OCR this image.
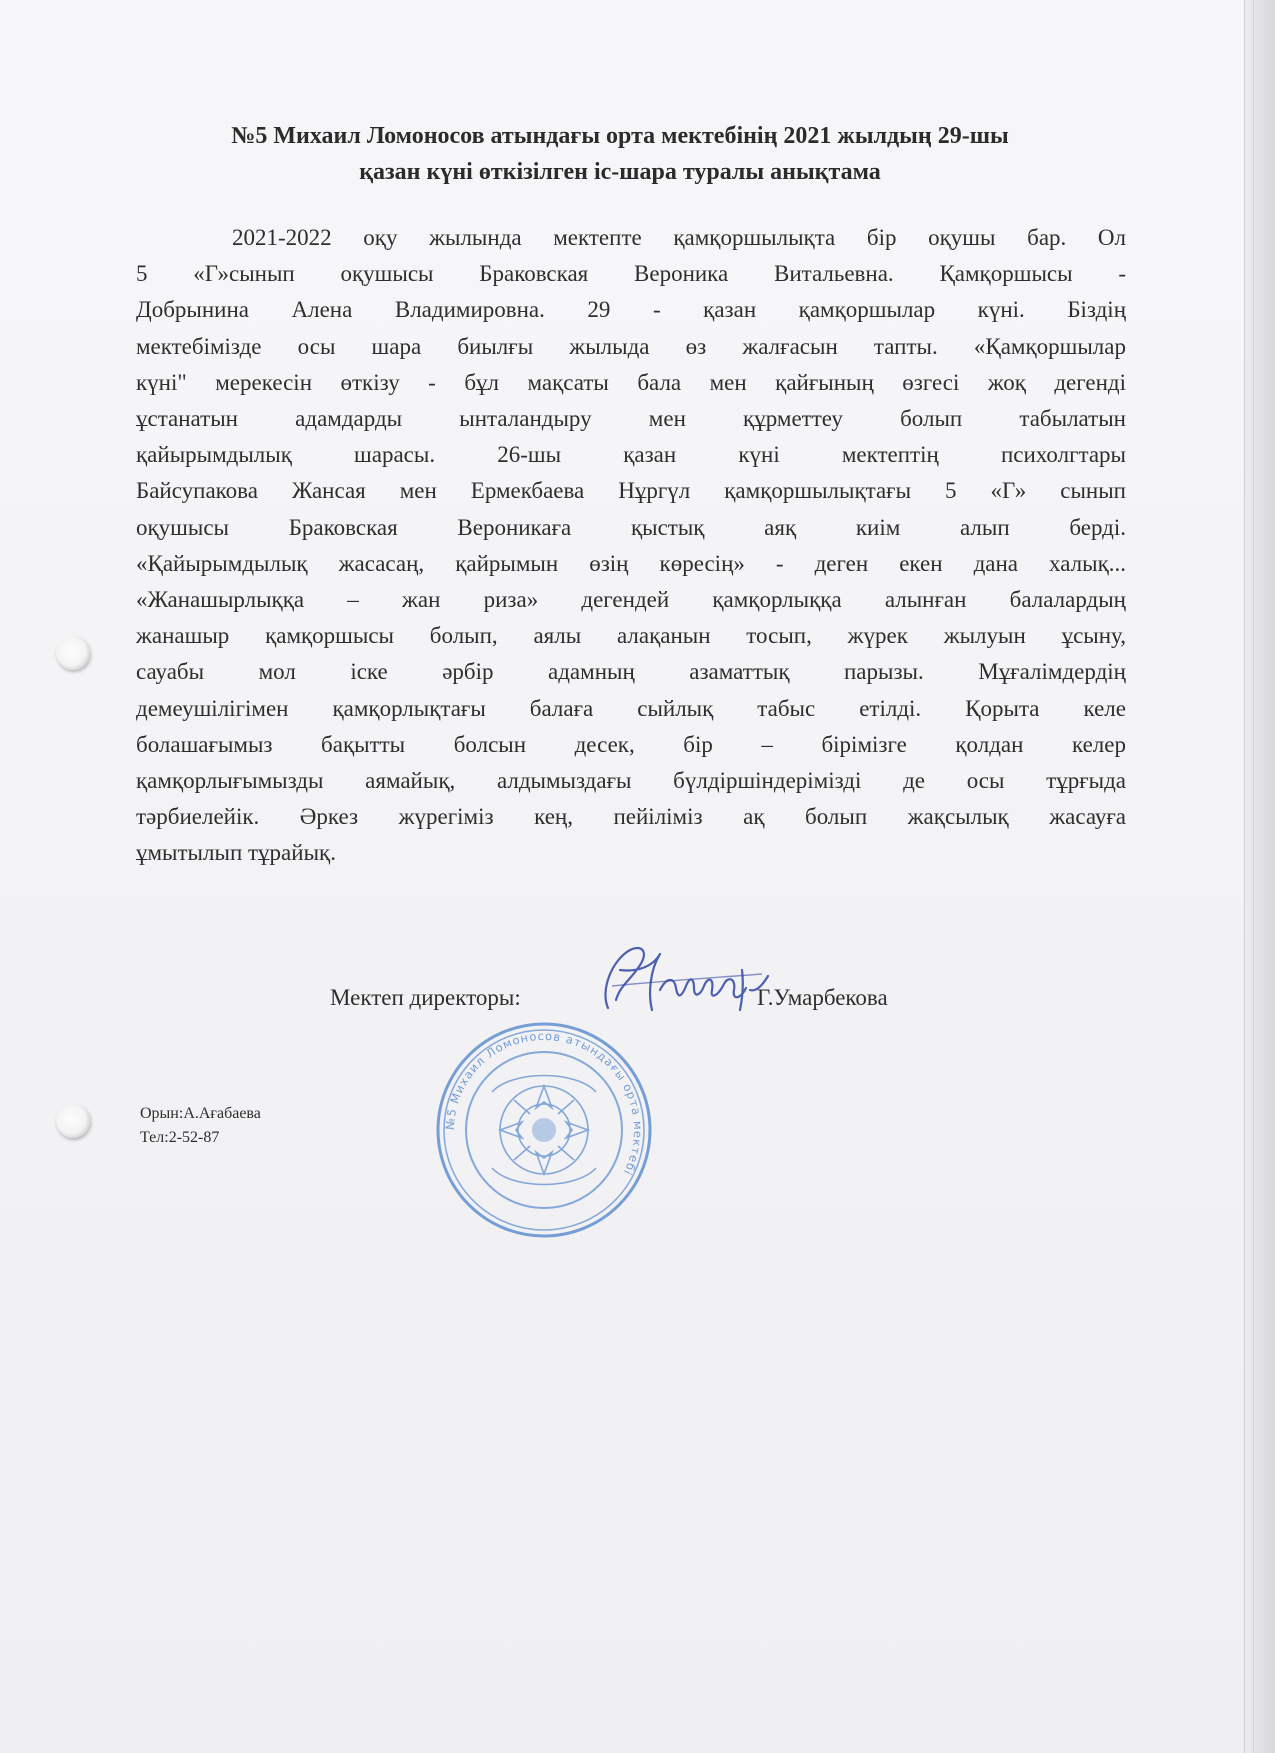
№5 Михаил Ломоносов атындағы орта мектебінің 2021 жылдың 29-шы
қазан күні өткізілген іс-шара туралы анықтама
2021-2022 оқу жылында мектепте қамқоршылықта бір оқушы бар. Ол
5 «Г»сынып оқушысы Браковская Вероника Витальевна. Қамқоршысы -
Добрынина Алена Владимировна. 29 - қазан қамқоршылар күні. Біздің
мектебімізде осы шара биылғы жылыда өз жалғасын тапты. «Қамқоршылар
күні" мерекесін өткізу - бұл мақсаты бала мен қайғының өзгесі жоқ дегенді
ұстанатын адамдарды ынталандыру мен құрметтеу болып табылатын
қайырымдылық шарасы. 26-шы қазан күні мектептің психолгтары
Байсупакова Жансая мен Ермекбаева Нұргүл қамқоршылықтағы 5 «Г» сынып
оқушысы Браковская Вероникаға қыстық аяқ киім алып берді.
«Қайырымдылық жасасаң, қайрымын өзің көресің» - деген екен дана халық...
«Жанашырлыққа – жан риза» дегендей қамқорлыққа алынған балалардың
жанашыр қамқоршысы болып, аялы алақанын тосып, жүрек жылуын ұсыну,
сауабы мол іске әрбір адамның азаматтық парызы. Мұғалімдердің
демеушілігімен қамқорлықтағы балаға сыйлық табыс етілді. Қорыта келе
болашағымыз бақытты болсын десек, бір – бірімізге қолдан келер
қамқорлығымызды аямайық, алдымыздағы бүлдіршіндерімізді де осы тұрғыда
тәрбиелейік. Әркез жүрегіміз кең, пейіліміз ақ болып жақсылық жасауға
ұмытылып тұрайық.
Мектеп директоры:	Г.Умарбекова
№5 Михаил Ломоносов атындағы орта мектебі
Орын:А.Ағабаева
Тел:2-52-87
